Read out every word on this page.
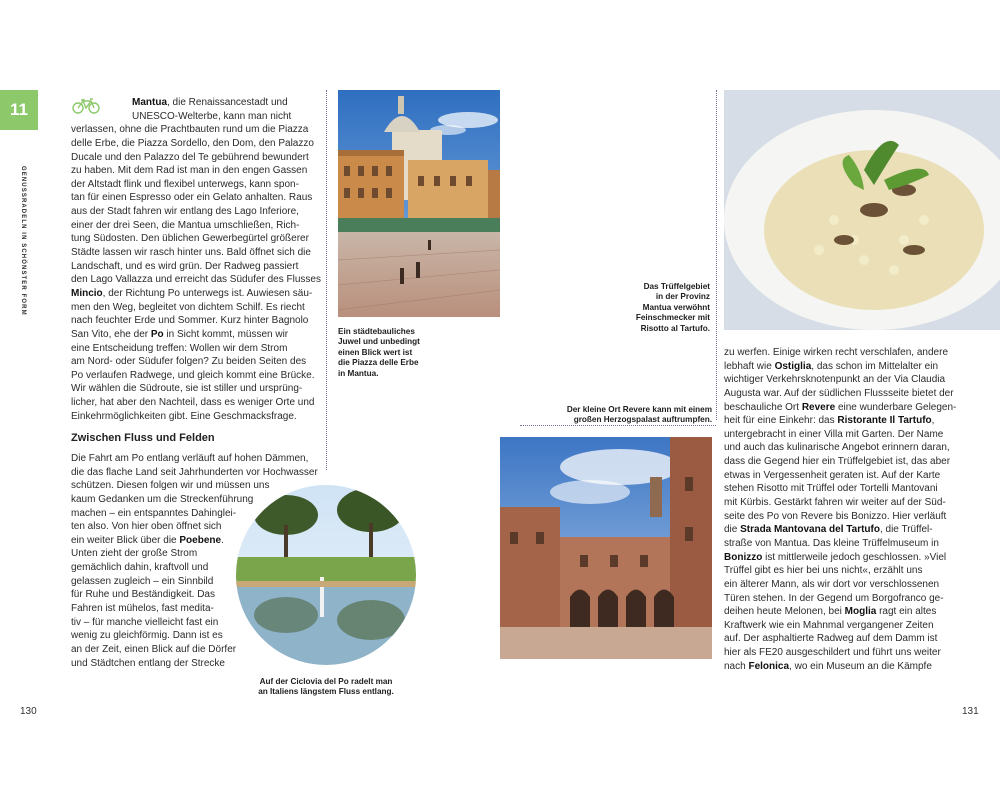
11
GENUSSRADELN IN SCHÖNSTER FORM
Mantua, die Renaissancestadt und
UNESCO-Welterbe, kann man nicht
verlassen, ohne die Prachtbauten rund um die Piazza
delle Erbe, die Piazza Sordello, den Dom, den Palazzo
Ducale und den Palazzo del Te gebührend bewundert
zu haben. Mit dem Rad ist man in den engen Gassen
der Altstadt flink und flexibel unterwegs, kann spon-
tan für einen Espresso oder ein Gelato anhalten. Raus
aus der Stadt fahren wir entlang des Lago Inferiore,
einer der drei Seen, die Mantua umschließen, Rich-
tung Südosten. Den üblichen Gewerbegürtel größerer
Städte lassen wir rasch hinter uns. Bald öffnet sich die
Landschaft, und es wird grün. Der Radweg passiert
den Lago Vallazza und erreicht das Südufer des Flusses
Mincio, der Richtung Po unterwegs ist. Auwiesen säu-
men den Weg, begleitet von dichtem Schilf. Es riecht
nach feuchter Erde und Sommer. Kurz hinter Bagnolo
San Vito, ehe der Po in Sicht kommt, müssen wir
eine Entscheidung treffen: Wollen wir dem Strom
am Nord- oder Südufer folgen? Zu beiden Seiten des
Po verlaufen Radwege, und gleich kommt eine Brücke.
Wir wählen die Südroute, sie ist stiller und ursprüng-
licher, hat aber den Nachteil, dass es weniger Orte und
Einkehrmöglichkeiten gibt. Eine Geschmacksfrage.
Zwischen Fluss und Felden
Die Fahrt am Po entlang verläuft auf hohen Dämmen,
die das flache Land seit Jahrhunderten vor Hochwasser
schützen. Diesen folgen wir und müssen uns
kaum Gedanken um die Streckenführung
machen – ein entspanntes Dahinglei-
ten also. Von hier oben öffnet sich
ein weiter Blick über die Poebene.
Unten zieht der große Strom
gemächlich dahin, kraftvoll und
gelassen zugleich – ein Sinnbild
für Ruhe und Beständigkeit. Das
Fahren ist mühelos, fast medita-
tiv – für manche vielleicht fast ein
wenig zu gleichförmig. Dann ist es
an der Zeit, einen Blick auf die Dörfer
und Städtchen entlang der Strecke
Ein städtebauliches
Juwel und unbedingt
einen Blick wert ist
die Piazza delle Erbe
in Mantua.
Auf der Ciclovia del Po radelt man
an Italiens längstem Fluss entlang.
Das Trüffelgebiet
in der Provinz
Mantua verwöhnt
Feinschmecker mit
Risotto al Tartufo.
Der kleine Ort Revere kann mit einem
großen Herzogspalast auftrumpfen.
zu werfen. Einige wirken recht verschlafen, andere
lebhaft wie Ostiglia, das schon im Mittelalter ein
wichtiger Verkehrsknotenpunkt an der Via Claudia
Augusta war. Auf der südlichen Flussseite bietet der
beschauliche Ort Revere eine wunderbare Gelegen-
heit für eine Einkehr: das Ristorante Il Tartufo,
untergebracht in einer Villa mit Garten. Der Name
und auch das kulinarische Angebot erinnern daran,
dass die Gegend hier ein Trüffelgebiet ist, das aber
etwas in Vergessenheit geraten ist. Auf der Karte
stehen Risotto mit Trüffel oder Tortelli Mantovani
mit Kürbis. Gestärkt fahren wir weiter auf der Süd-
seite des Po von Revere bis Bonizzo. Hier verläuft
die Strada Mantovana del Tartufo, die Trüffel-
straße von Mantua. Das kleine Trüffelmuseum in
Bonizzo ist mittlerweile jedoch geschlossen. »Viel
Trüffel gibt es hier bei uns nicht«, erzählt uns
ein älterer Mann, als wir dort vor verschlossenen
Türen stehen. In der Gegend um Borgofranco ge-
deihen heute Melonen, bei Moglia ragt ein altes
Kraftwerk wie ein Mahnmal vergangener Zeiten
auf. Der asphaltierte Radweg auf dem Damm ist
hier als FE20 ausgeschildert und führt uns weiter
nach Felonica, wo ein Museum an die Kämpfe
130	131
